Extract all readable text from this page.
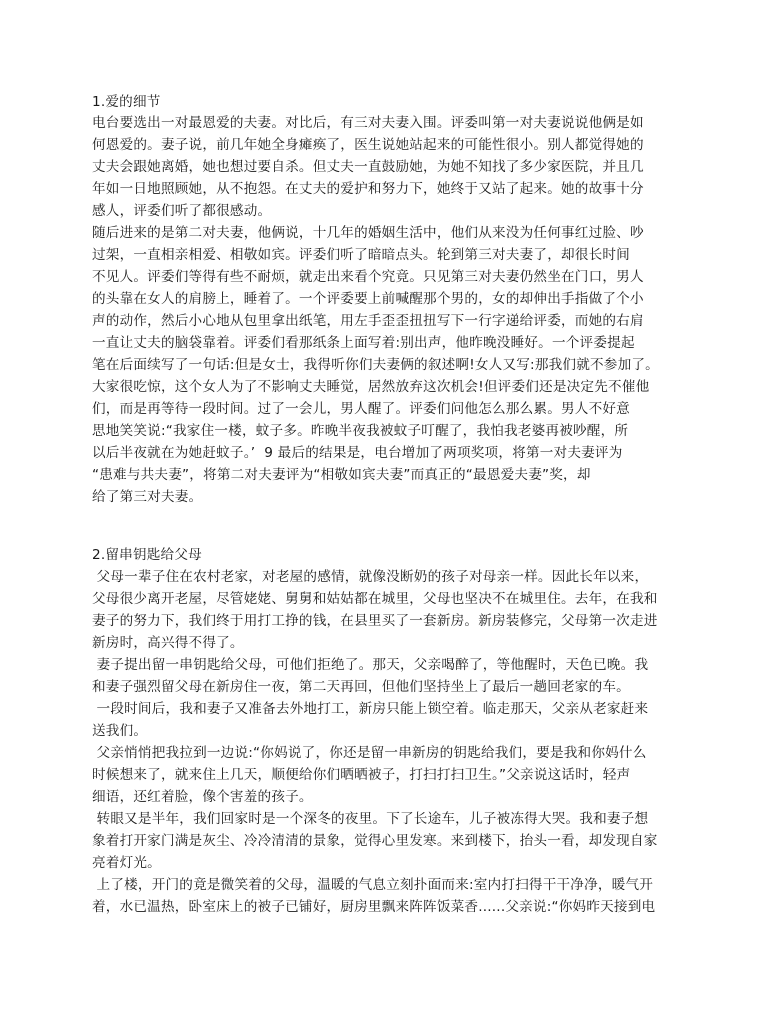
1.爱的细节
电台要选出一对最恩爱的夫妻。对比后，有三对夫妻入围。评委叫第一对夫妻说说他俩是如
何恩爱的。妻子说，前几年她全身瘫痪了，医生说她站起来的可能性很小。别人都觉得她的
丈夫会跟她离婚，她也想过要自杀。但丈夫一直鼓励她，为她不知找了多少家医院，并且几
年如一日地照顾她，从不抱怨。在丈夫的爱护和努力下，她终于又站了起来。她的故事十分
感人，评委们听了都很感动。
随后进来的是第二对夫妻，他俩说，十几年的婚姻生活中，他们从来没为任何事红过脸、吵
过架，一直相亲相爱、相敬如宾。评委们听了暗暗点头。轮到第三对夫妻了，却很长时间
不见人。评委们等得有些不耐烦，就走出来看个究竟。只见第三对夫妻仍然坐在门口，男人
的头靠在女人的肩膀上，睡着了。一个评委要上前喊醒那个男的，女的却伸出手指做了个小
声的动作，然后小心地从包里拿出纸笔，用左手歪歪扭扭写下一行字递给评委，而她的右肩
一直让丈夫的脑袋靠着。评委们看那纸条上面写着:别出声，他昨晚没睡好。一个评委提起
笔在后面续写了一句话:但是女士，我得听你们夫妻俩的叙述啊!女人又写:那我们就不参加了。
大家很吃惊，这个女人为了不影响丈夫睡觉，居然放弃这次机会!但评委们还是决定先不催他
们，而是再等待一段时间。过了一会儿，男人醒了。评委们问他怎么那么累。男人不好意
思地笑笑说:“我家住一楼，蚊子多。昨晚半夜我被蚊子叮醒了，我怕我老婆再被吵醒，所
以后半夜就在为她赶蚊子。’  9 最后的结果是，电台增加了两项奖项，将第一对夫妻评为
“患难与共夫妻”，将第二对夫妻评为“相敬如宾夫妻”而真正的“最恩爱夫妻”奖，却
给了第三对夫妻。
2.留串钥匙给父母
父母一辈子住在农村老家，对老屋的感情，就像没断奶的孩子对母亲一样。因此长年以来，
父母很少离开老屋，尽管姥姥、舅舅和姑姑都在城里，父母也坚决不在城里住。去年，在我和
妻子的努力下，我们终于用打工挣的钱，在县里买了一套新房。新房装修完，父母第一次走进
新房时，高兴得不得了。
妻子提出留一串钥匙给父母，可他们拒绝了。那天，父亲喝醉了，等他醒时，天色已晚。我
和妻子强烈留父母在新房住一夜，第二天再回，但他们坚持坐上了最后一趟回老家的车。
一段时间后，我和妻子又准备去外地打工，新房只能上锁空着。临走那天，父亲从老家赶来
送我们。
父亲悄悄把我拉到一边说:“你妈说了，你还是留一串新房的钥匙给我们，要是我和你妈什么
时候想来了，就来住上几天，顺便给你们晒晒被子，打扫打扫卫生。”父亲说这话时，轻声
细语，还红着脸，像个害羞的孩子。
转眼又是半年，我们回家时是一个深冬的夜里。下了长途车，儿子被冻得大哭。我和妻子想
象着打开家门满是灰尘、冷冷清清的景象，觉得心里发寒。来到楼下，抬头一看，却发现自家
亮着灯光。
上了楼，开门的竟是微笑着的父母，温暖的气息立刻扑面而来:室内打扫得干干净净，暖气开
着，水已温热，卧室床上的被子已铺好，厨房里飘来阵阵饭菜香......父亲说:“你妈昨天接到电
